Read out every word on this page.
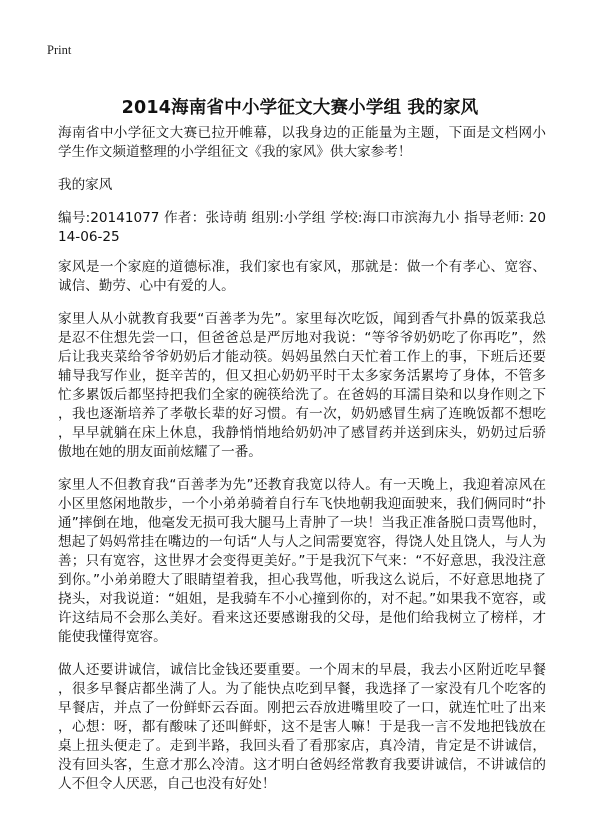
Print
2014海南省中小学征文大赛小学组 我的家风

海南省中小学征文大赛已拉开帷幕，以我身边的正能量为主题，下面是文档网小学生作文频道整理的小学组征文《我的家风》供大家参考！

我的家风

编号:20141077 作者：张诗萌 组别:小学组 学校:海口市滨海九小 指导老师: 2014-06-25

家风是一个家庭的道德标准，我们家也有家风，那就是：做一个有孝心、宽容、诚信、勤劳、心中有爱的人。

家里人从小就教育我要“百善孝为先”。家里每次吃饭，闻到香气扑鼻的饭菜我总是忍不住想先尝一口，但爸爸总是严厉地对我说：“等爷爷奶奶吃了你再吃”，然后让我夹菜给爷爷奶奶后才能动筷。妈妈虽然白天忙着工作上的事，下班后还要辅导我写作业，挺辛苦的，但又担心奶奶平时干太多家务活累垮了身体，不管多忙多累饭后都坚持把我们全家的碗筷给洗了。在爸妈的耳濡目染和以身作则之下，我也逐渐培养了孝敬长辈的好习惯。有一次，奶奶感冒生病了连晚饭都不想吃，早早就躺在床上休息，我静悄悄地给奶奶冲了感冒药并送到床头，奶奶过后骄傲地在她的朋友面前炫耀了一番。

家里人不但教育我“百善孝为先”还教育我宽以待人。有一天晚上，我迎着凉风在小区里悠闲地散步，一个小弟弟骑着自行车飞快地朝我迎面驶来，我们俩同时“扑通”摔倒在地，他毫发无损可我大腿马上青肿了一块！当我正准备脱口责骂他时，想起了妈妈常挂在嘴边的一句话“人与人之间需要宽容，得饶人处且饶人，与人为善；只有宽容，这世界才会变得更美好。”于是我沉下气来：“不好意思，我没注意到你。”小弟弟瞪大了眼睛望着我，担心我骂他，听我这么说后，不好意思地挠了挠头，对我说道：“姐姐，是我骑车不小心撞到你的，对不起。”如果我不宽容，或许这结局不会那么美好。看来这还要感谢我的父母，是他们给我树立了榜样，才能使我懂得宽容。

做人还要讲诚信，诚信比金钱还要重要。一个周末的早晨，我去小区附近吃早餐，很多早餐店都坐满了人。为了能快点吃到早餐，我选择了一家没有几个吃客的早餐店，并点了一份鲜虾云吞面。刚把云吞放进嘴里咬了一口，就连忙吐了出来，心想：呀，都有酸味了还叫鲜虾，这不是害人嘛！于是我一言不发地把钱放在桌上扭头便走了。走到半路，我回头看了看那家店，真冷清，肯定是不讲诚信，没有回头客，生意才那么冷清。这才明白爸妈经常教育我要讲诚信，不讲诚信的人不但令人厌恶，自己也没有好处！
